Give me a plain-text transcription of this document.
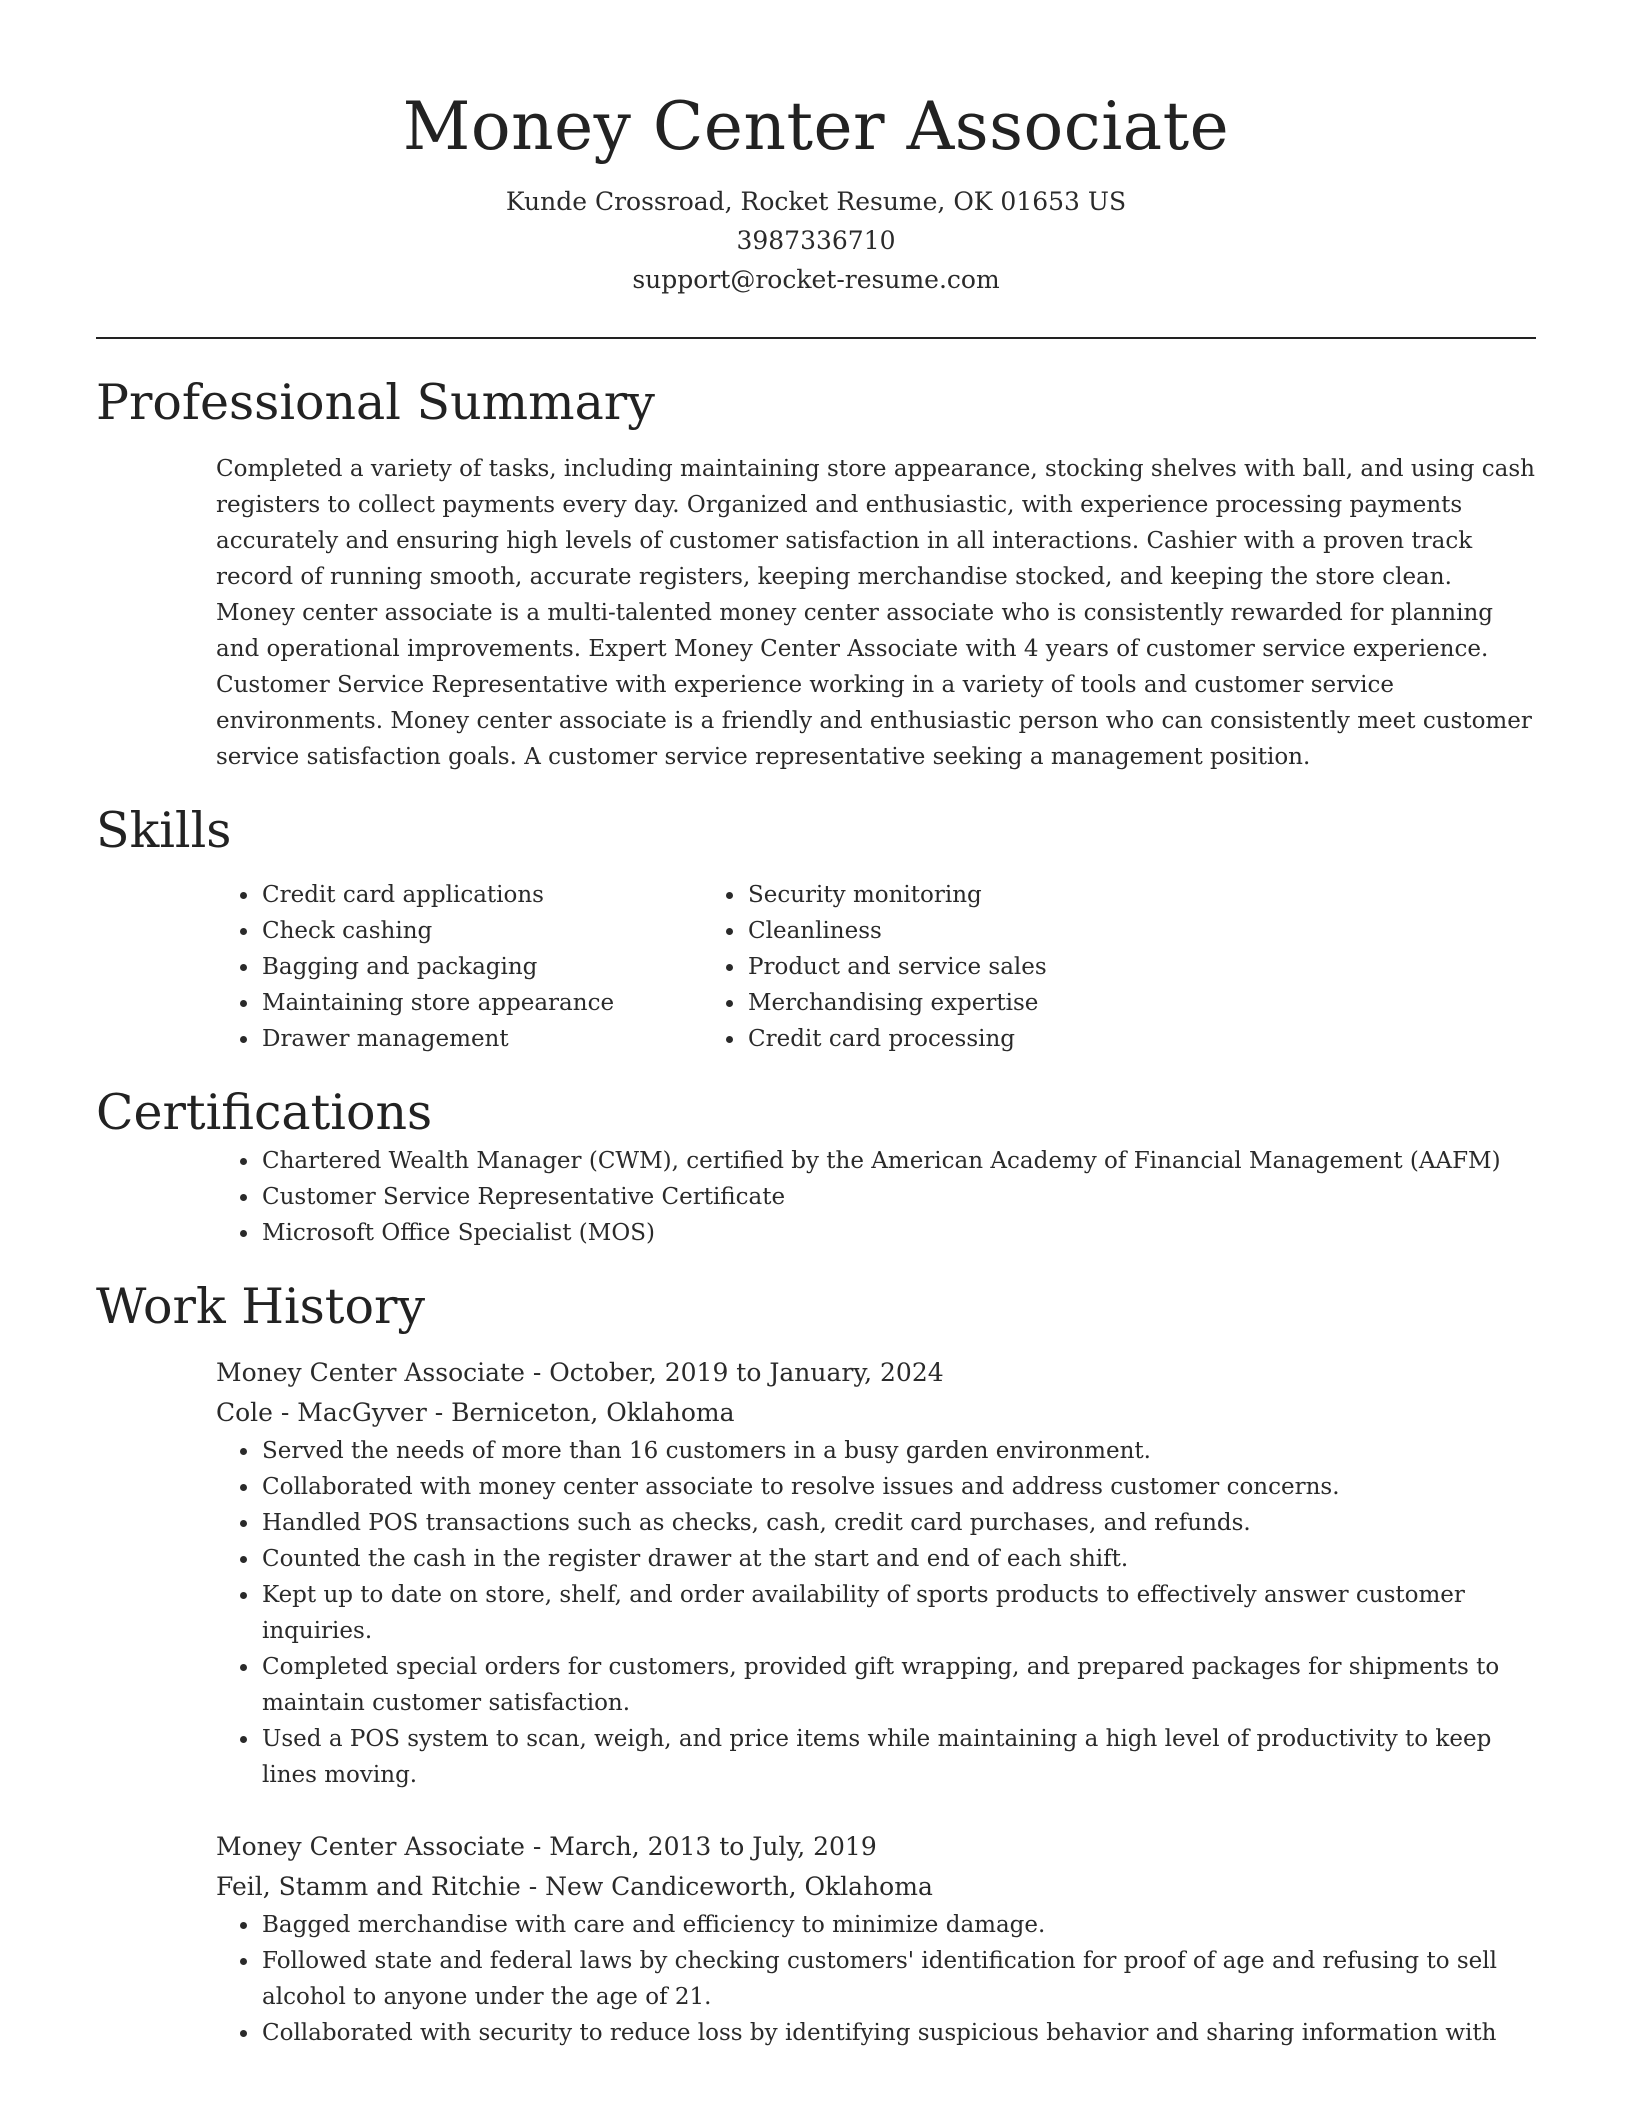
Money Center Associate
Kunde Crossroad, Rocket Resume, OK 01653 US
3987336710
support@rocket-resume.com
Professional Summary
Completed a variety of tasks, including maintaining store appearance, stocking shelves with ball, and using cash registers to collect payments every day. Organized and enthusiastic, with experience processing payments accurately and ensuring high levels of customer satisfaction in all interactions. Cashier with a proven track record of running smooth, accurate registers, keeping merchandise stocked, and keeping the store clean. Money center associate is a multi-talented money center associate who is consistently rewarded for planning and operational improvements. Expert Money Center Associate with 4 years of customer service experience. Customer Service Representative with experience working in a variety of tools and customer service environments. Money center associate is a friendly and enthusiastic person who can consistently meet customer service satisfaction goals. A customer service representative seeking a management position.
Skills
• Credit card applications
• Check cashing
• Bagging and packaging
• Maintaining store appearance
• Drawer management
• Security monitoring
• Cleanliness
• Product and service sales
• Merchandising expertise
• Credit card processing
Certifications
• Chartered Wealth Manager (CWM), certified by the American Academy of Financial Management (AAFM)
• Customer Service Representative Certificate
• Microsoft Office Specialist (MOS)
Work History
Money Center Associate - October, 2019 to January, 2024
Cole - MacGyver - Berniceton, Oklahoma
• Served the needs of more than 16 customers in a busy garden environment.
• Collaborated with money center associate to resolve issues and address customer concerns.
• Handled POS transactions such as checks, cash, credit card purchases, and refunds.
• Counted the cash in the register drawer at the start and end of each shift.
• Kept up to date on store, shelf, and order availability of sports products to effectively answer customer inquiries.
• Completed special orders for customers, provided gift wrapping, and prepared packages for shipments to maintain customer satisfaction.
• Used a POS system to scan, weigh, and price items while maintaining a high level of productivity to keep lines moving.
Money Center Associate - March, 2013 to July, 2019
Feil, Stamm and Ritchie - New Candiceworth, Oklahoma
• Bagged merchandise with care and efficiency to minimize damage.
• Followed state and federal laws by checking customers' identification for proof of age and refusing to sell alcohol to anyone under the age of 21.
• Collaborated with security to reduce loss by identifying suspicious behavior and sharing information with
